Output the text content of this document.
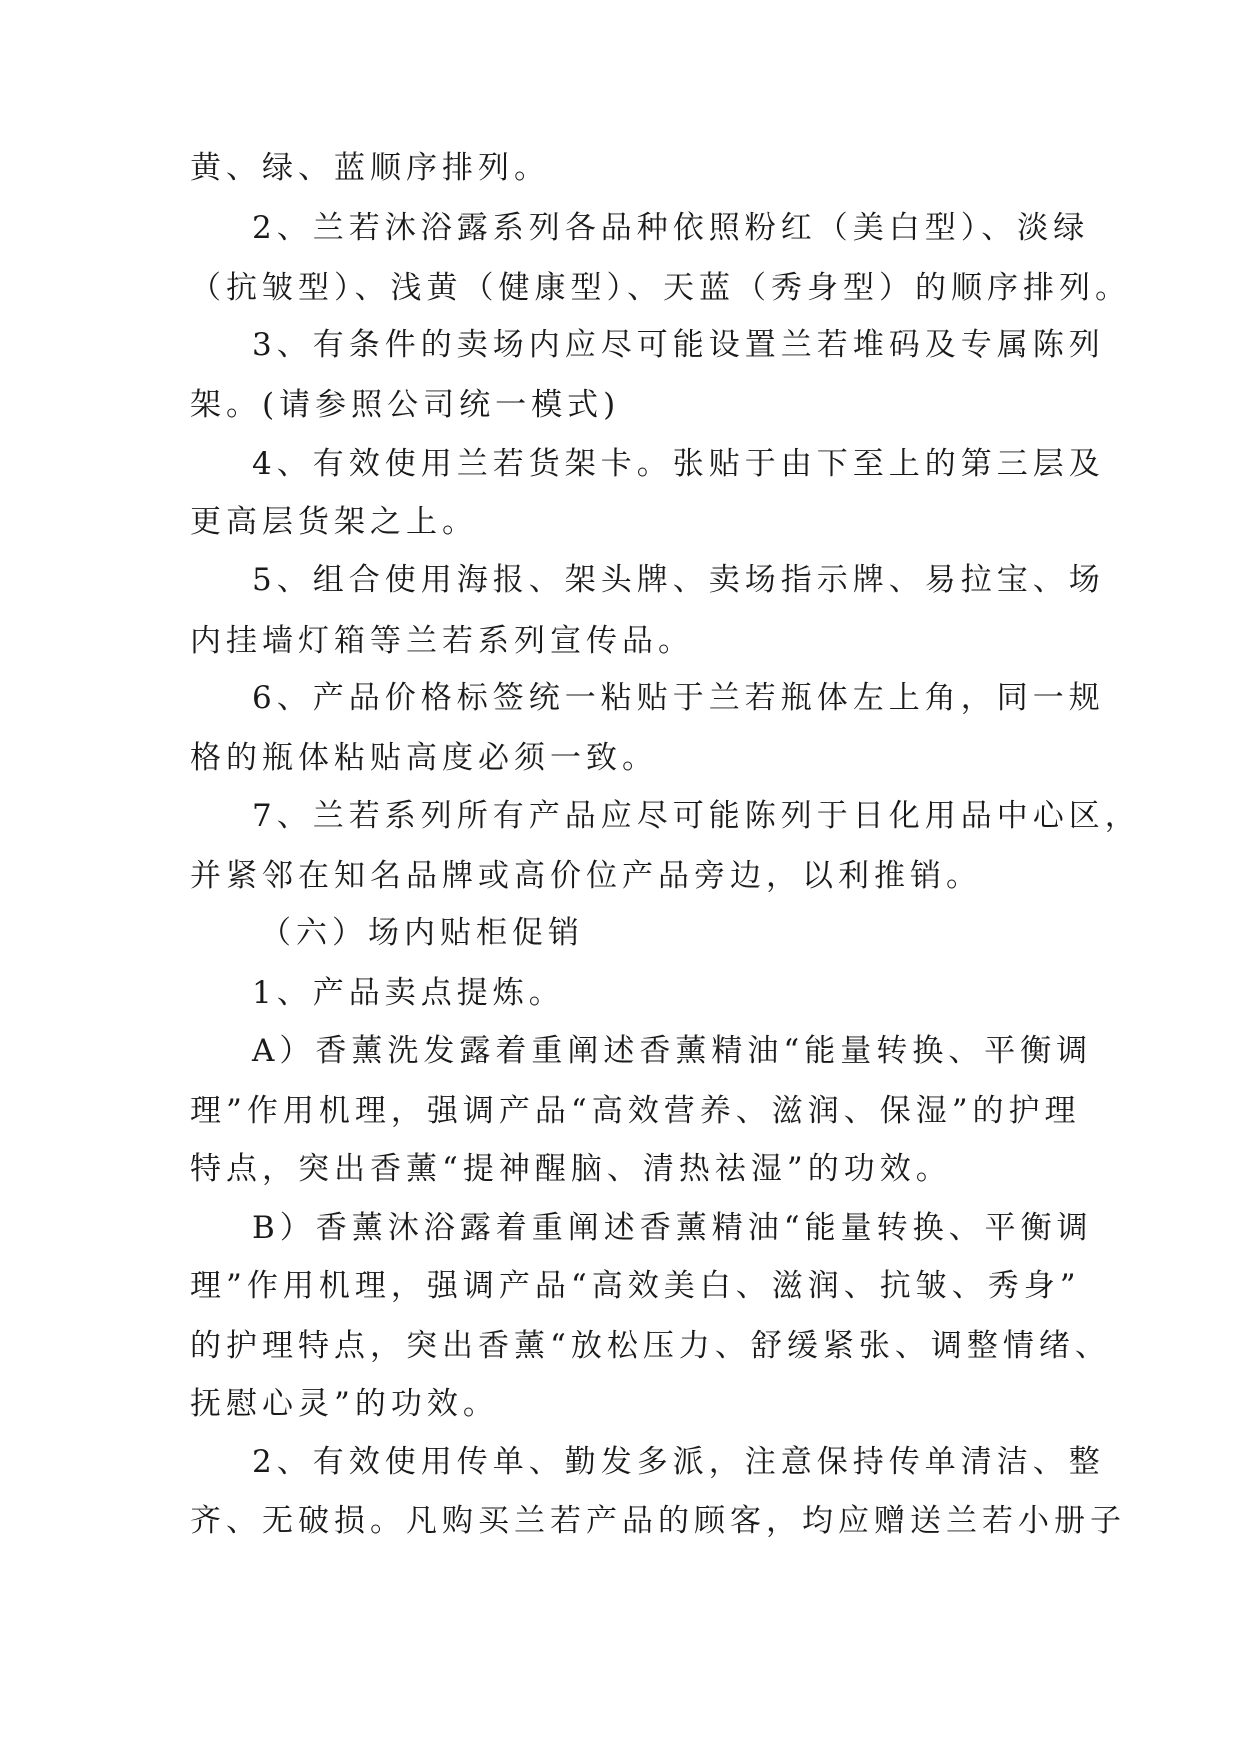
黄、绿、蓝顺序排列。
2、兰若沐浴露系列各品种依照粉红（美白型）、淡绿
（抗皱型）、浅黄（健康型）、天蓝（秀身型）的顺序排列。
3、有条件的卖场内应尽可能设置兰若堆码及专属陈列
架。(请参照公司统一模式)
4、有效使用兰若货架卡。张贴于由下至上的第三层及
更高层货架之上。
5、组合使用海报、架头牌、卖场指示牌、易拉宝、场
内挂墙灯箱等兰若系列宣传品。
6、产品价格标签统一粘贴于兰若瓶体左上角，同一规
格的瓶体粘贴高度必须一致。
7、兰若系列所有产品应尽可能陈列于日化用品中心区，
并紧邻在知名品牌或高价位产品旁边，以利推销。
（六）场内贴柜促销
1、产品卖点提炼。
A）香薰洗发露着重阐述香薰精油“能量转换、平衡调
理”作用机理，强调产品“高效营养、滋润、保湿”的护理
特点，突出香薰“提神醒脑、清热祛湿”的功效。
B）香薰沐浴露着重阐述香薰精油“能量转换、平衡调
理”作用机理，强调产品“高效美白、滋润、抗皱、秀身”
的护理特点，突出香薰“放松压力、舒缓紧张、调整情绪、
抚慰心灵”的功效。
2、有效使用传单、勤发多派，注意保持传单清洁、整
齐、无破损。凡购买兰若产品的顾客，均应赠送兰若小册子
